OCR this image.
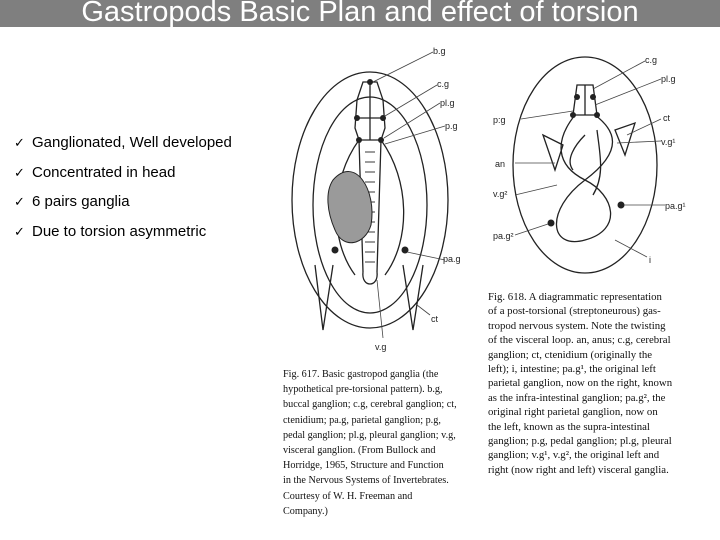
Gastropods Basic Plan and effect of torsion
✓ Ganglionated, Well developed
✓ Concentrated in head
✓ 6 pairs ganglia
✓ Due to torsion asymmetric
b.g
c.g
pl.g
p.g
pa.g
ct
v.g
c.g
pl.g
p:g	ct
v.g¹
an
v.g²
pa.g¹
pa.g²
i
Fig. 617. Basic gastropod ganglia (the
hypothetical pre-torsional pattern). b.g,
buccal ganglion; c.g, cerebral ganglion; ct,
ctenidium; pa.g, parietal ganglion; p.g,
pedal ganglion; pl.g, pleural ganglion; v.g,
visceral ganglion. (From Bullock and
Horridge, 1965, Structure and Function
in the Nervous Systems of Invertebrates.
Courtesy of W. H. Freeman and
Company.)
Fig. 618. A diagrammatic representation
of a post-torsional (streptoneurous) gas-
tropod nervous system. Note the twisting
of the visceral loop. an, anus; c.g, cerebral
ganglion; ct, ctenidium (originally the
left); i, intestine; pa.g¹, the original left
parietal ganglion, now on the right, known
as the infra-intestinal ganglion; pa.g², the
original right parietal ganglion, now on
the left, known as the supra-intestinal
ganglion; p.g, pedal ganglion; pl.g, pleural
ganglion; v.g¹, v.g², the original left and
right (now right and left) visceral ganglia.
